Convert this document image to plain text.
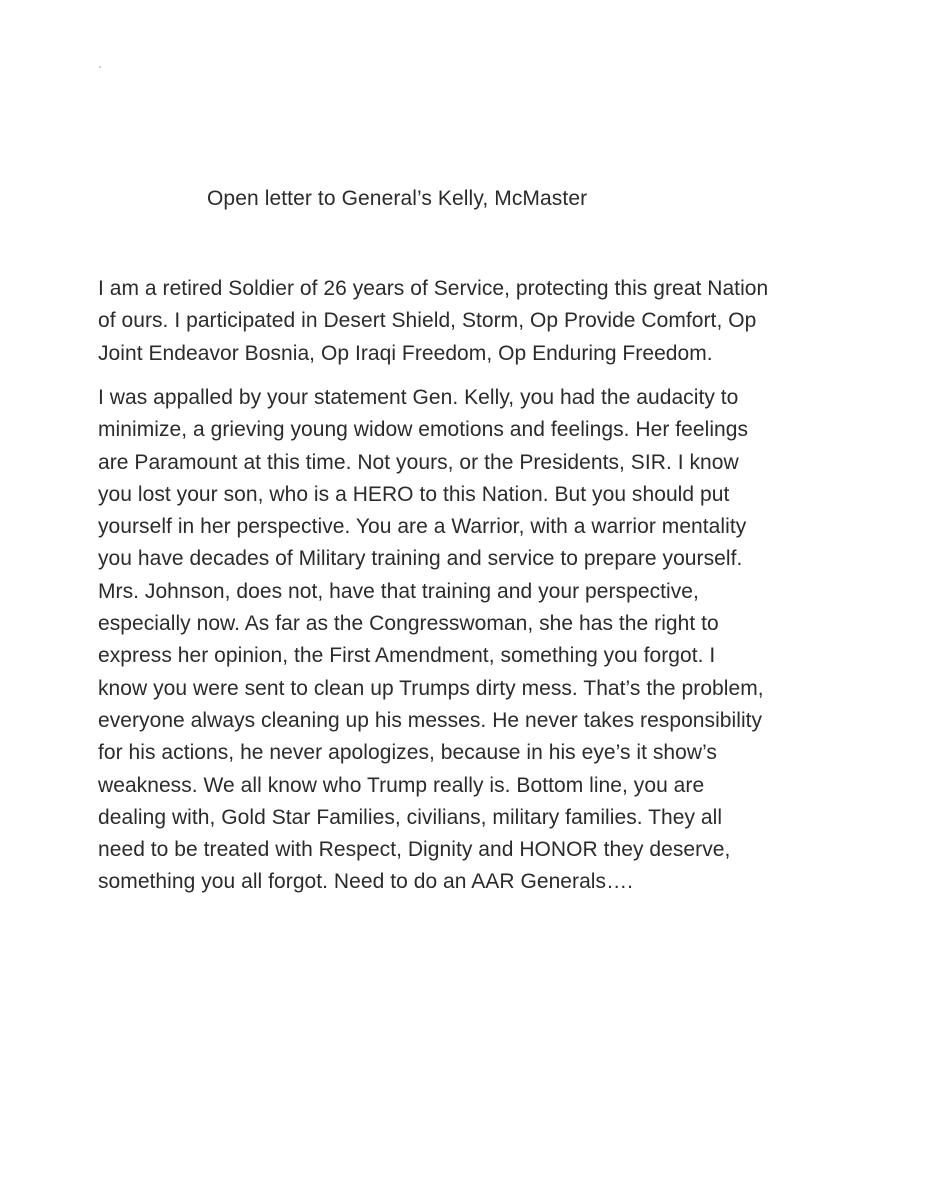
Open letter to General’s Kelly, McMaster
I am a retired Soldier of 26 years of Service, protecting this great Nation
of ours. I participated in Desert Shield, Storm, Op Provide Comfort, Op
Joint Endeavor Bosnia, Op Iraqi Freedom, Op Enduring Freedom.
I was appalled by your statement Gen. Kelly, you had the audacity to
minimize, a grieving young widow emotions and feelings. Her feelings
are Paramount at this time. Not yours, or the Presidents, SIR. I know
you lost your son, who is a HERO to this Nation. But you should put
yourself in her perspective. You are a Warrior, with a warrior mentality
you have decades of Military training and service to prepare yourself.
Mrs. Johnson, does not, have that training and your perspective,
especially now. As far as the Congresswoman, she has the right to
express her opinion, the First Amendment, something you forgot. I
know you were sent to clean up Trumps dirty mess. That’s the problem,
everyone always cleaning up his messes. He never takes responsibility
for his actions, he never apologizes, because in his eye’s it show’s
weakness. We all know who Trump really is. Bottom line, you are
dealing with, Gold Star Families, civilians, military families. They all
need to be treated with Respect, Dignity and HONOR they deserve,
something you all forgot. Need to do an AAR Generals….
